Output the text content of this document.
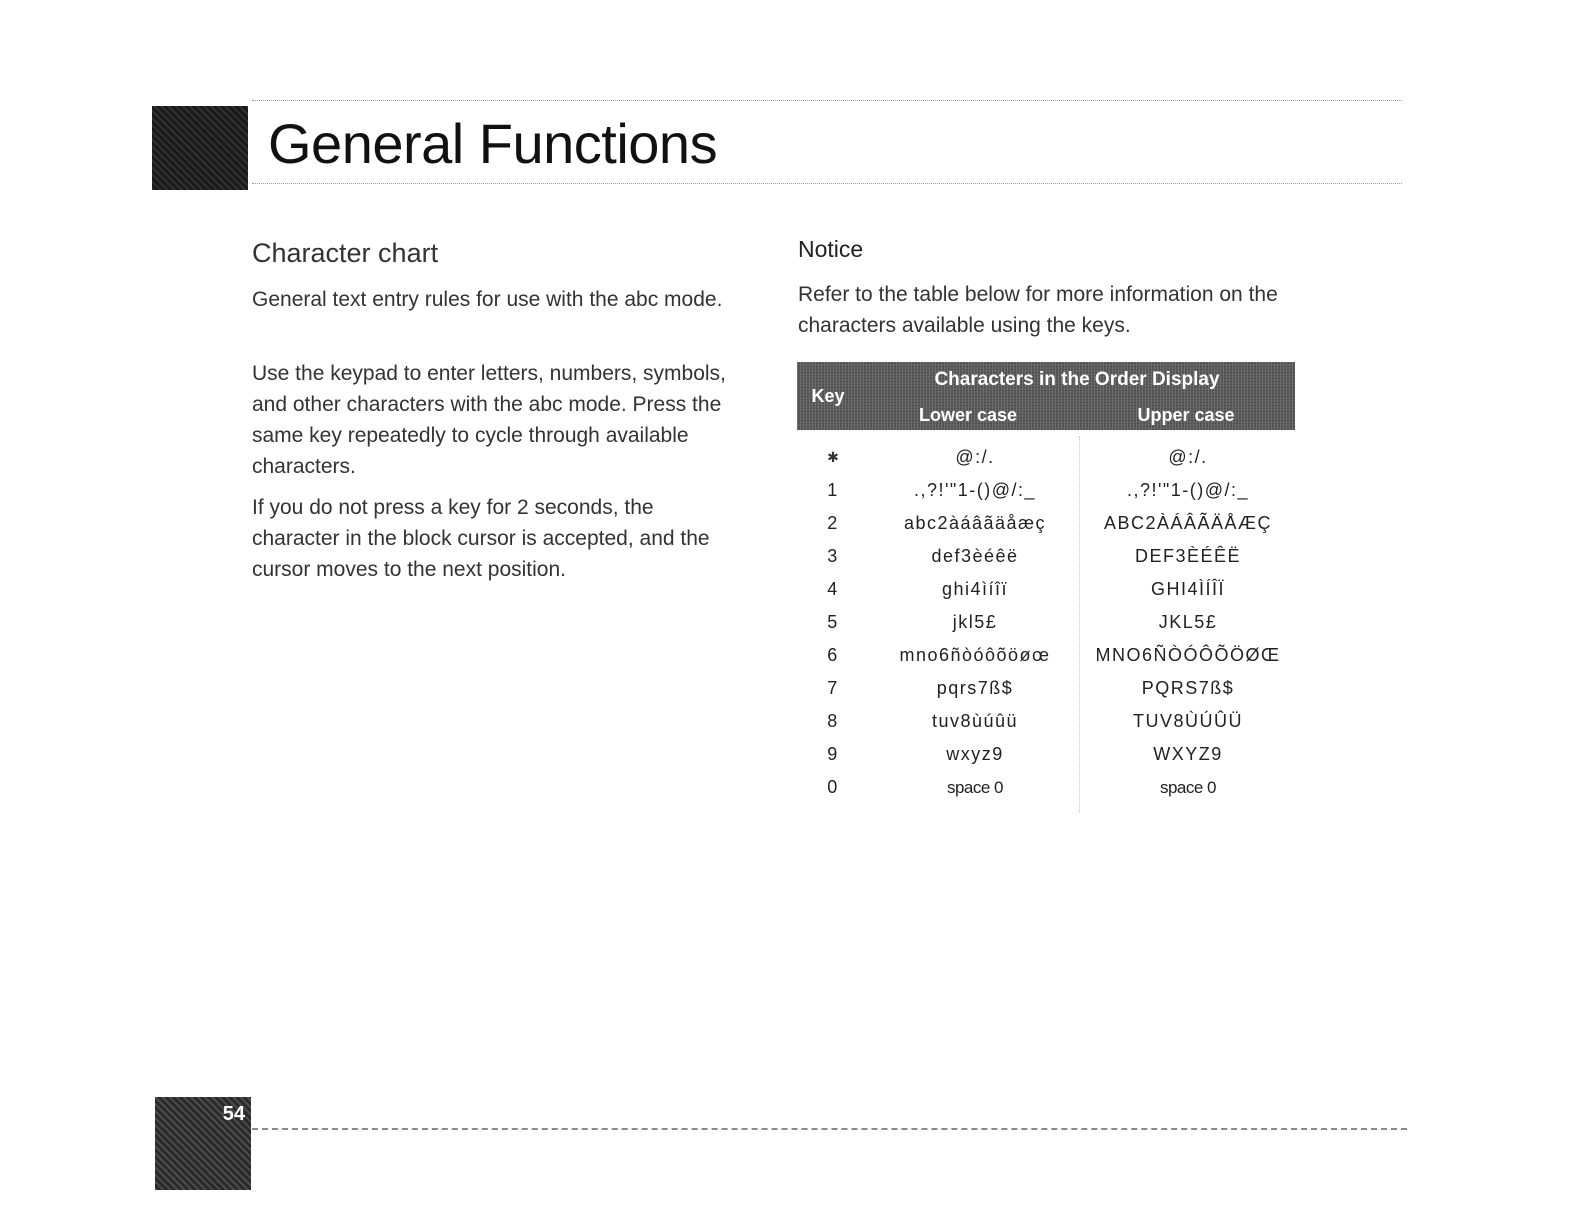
General Functions
Character chart

General text entry rules for use with the abc mode.

Use the keypad to enter letters, numbers, symbols, and other characters with the abc mode. Press the same key repeatedly to cycle through available characters.

If you do not press a key for 2 seconds, the character in the block cursor is accepted, and the cursor moves to the next position.

Notice

Refer to the table below for more information on the characters available using the keys.

Key
Characters in the Order Display
Lower case	Upper case
✱	@:/.	@:/.
1	.,?!'"1-()@/:_	.,?!'"1-()@/:_
2	abc2àáâãäåæç	ABC2ÀÁÂÃÄÅÆÇ
3	def3èéêë	DEF3ÈÉÊË
4	ghi4ìíîï	GHI4ÌÍÎÏ
5	jkl5£	JKL5£
6	mno6ñòóôõöøœ	MNO6ÑÒÓÔÕÖØŒ
7	pqrs7ß$	PQRS7ß$
8	tuv8ùúûü	TUV8ÙÚÛÜ
9	wxyz9	WXYZ9
0	space 0	space 0
54
